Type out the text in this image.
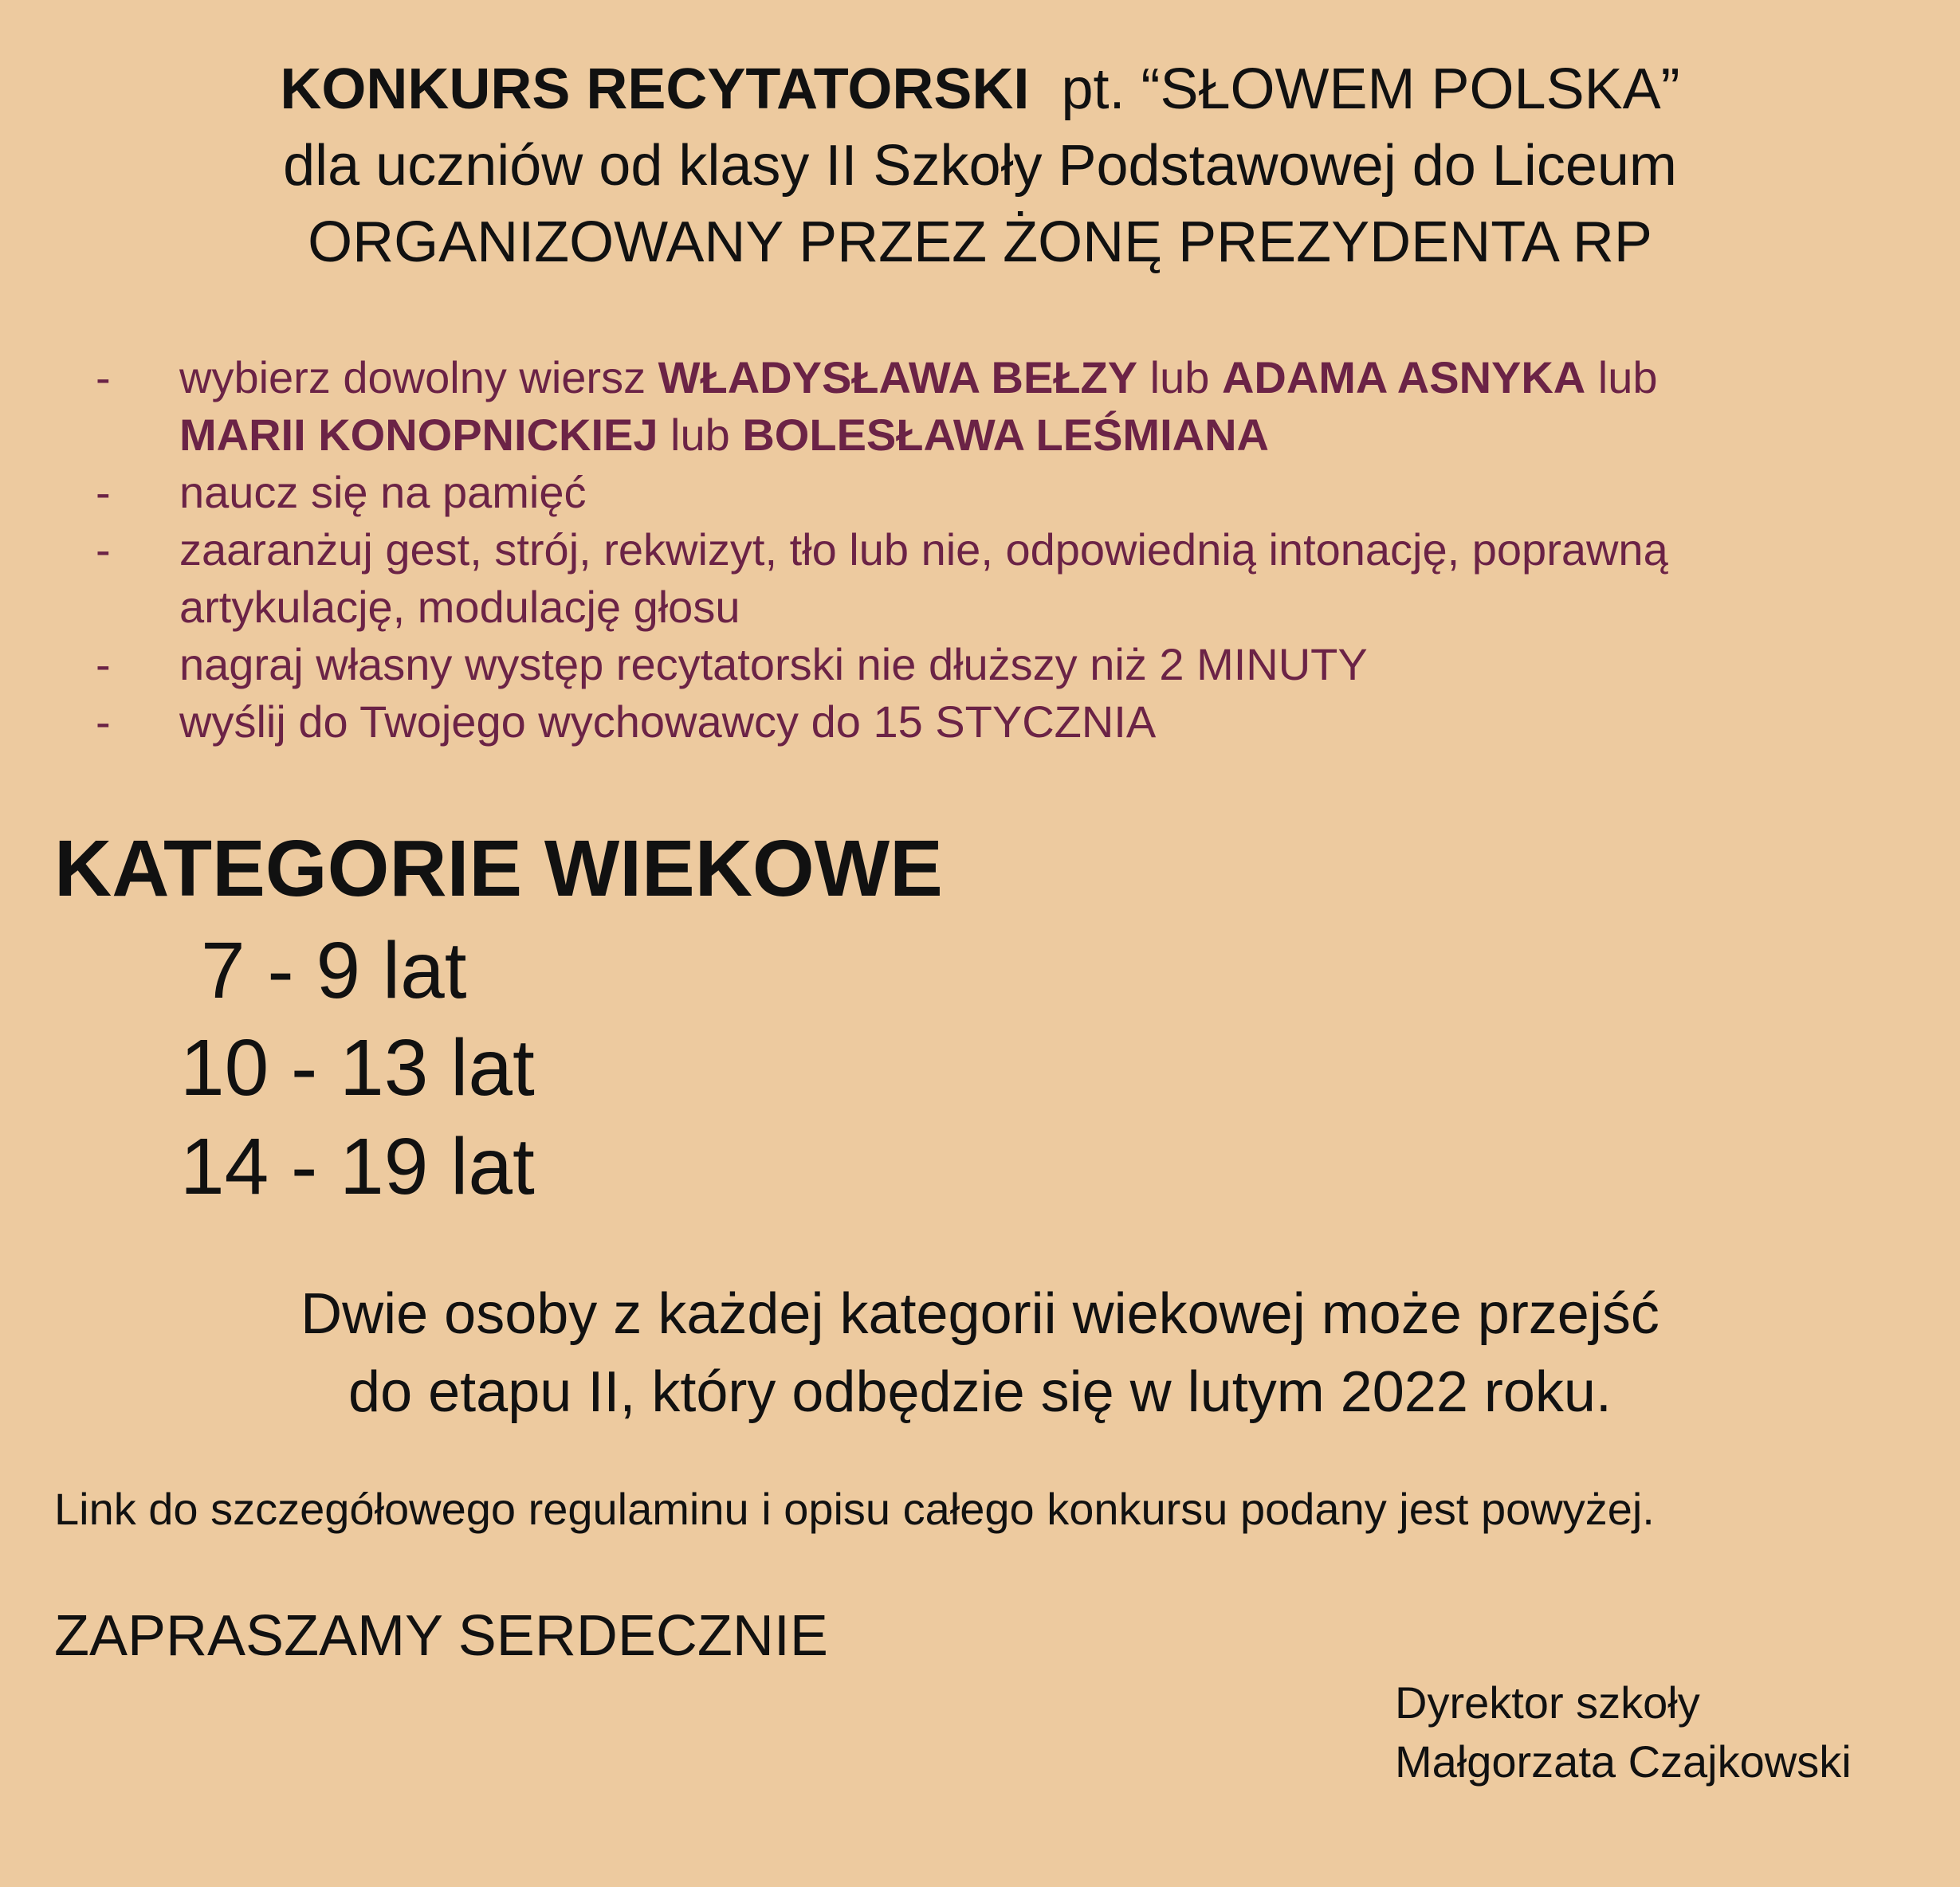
KONKURS RECYTATORSKI pt. “SŁOWEM POLSKA”
dla uczniów od klasy II Szkoły Podstawowej do Liceum
ORGANIZOWANY PRZEZ ŻONĘ PREZYDENTA RP
- wybierz dowolny wiersz WŁADYSŁAWA BEŁZY lub ADAMA ASNYKA lub
MARII KONOPNICKIEJ lub BOLESŁAWA LEŚMIANA
- naucz się na pamięć
- zaaranżuj gest, strój, rekwizyt, tło lub nie, odpowiednią intonację, poprawną
artykulację, modulację głosu
- nagraj własny występ recytatorski nie dłuższy niż 2 MINUTY
- wyślij do Twojego wychowawcy do 15 STYCZNIA
KATEGORIE WIEKOWE
7 - 9 lat
10 - 13 lat
14 - 19 lat
Dwie osoby z każdej kategorii wiekowej może przejść
do etapu II, który odbędzie się w lutym 2022 roku.
Link do szczegółowego regulaminu i opisu całego konkursu podany jest powyżej.
ZAPRASZAMY SERDECZNIE
Dyrektor szkoły
Małgorzata Czajkowski
